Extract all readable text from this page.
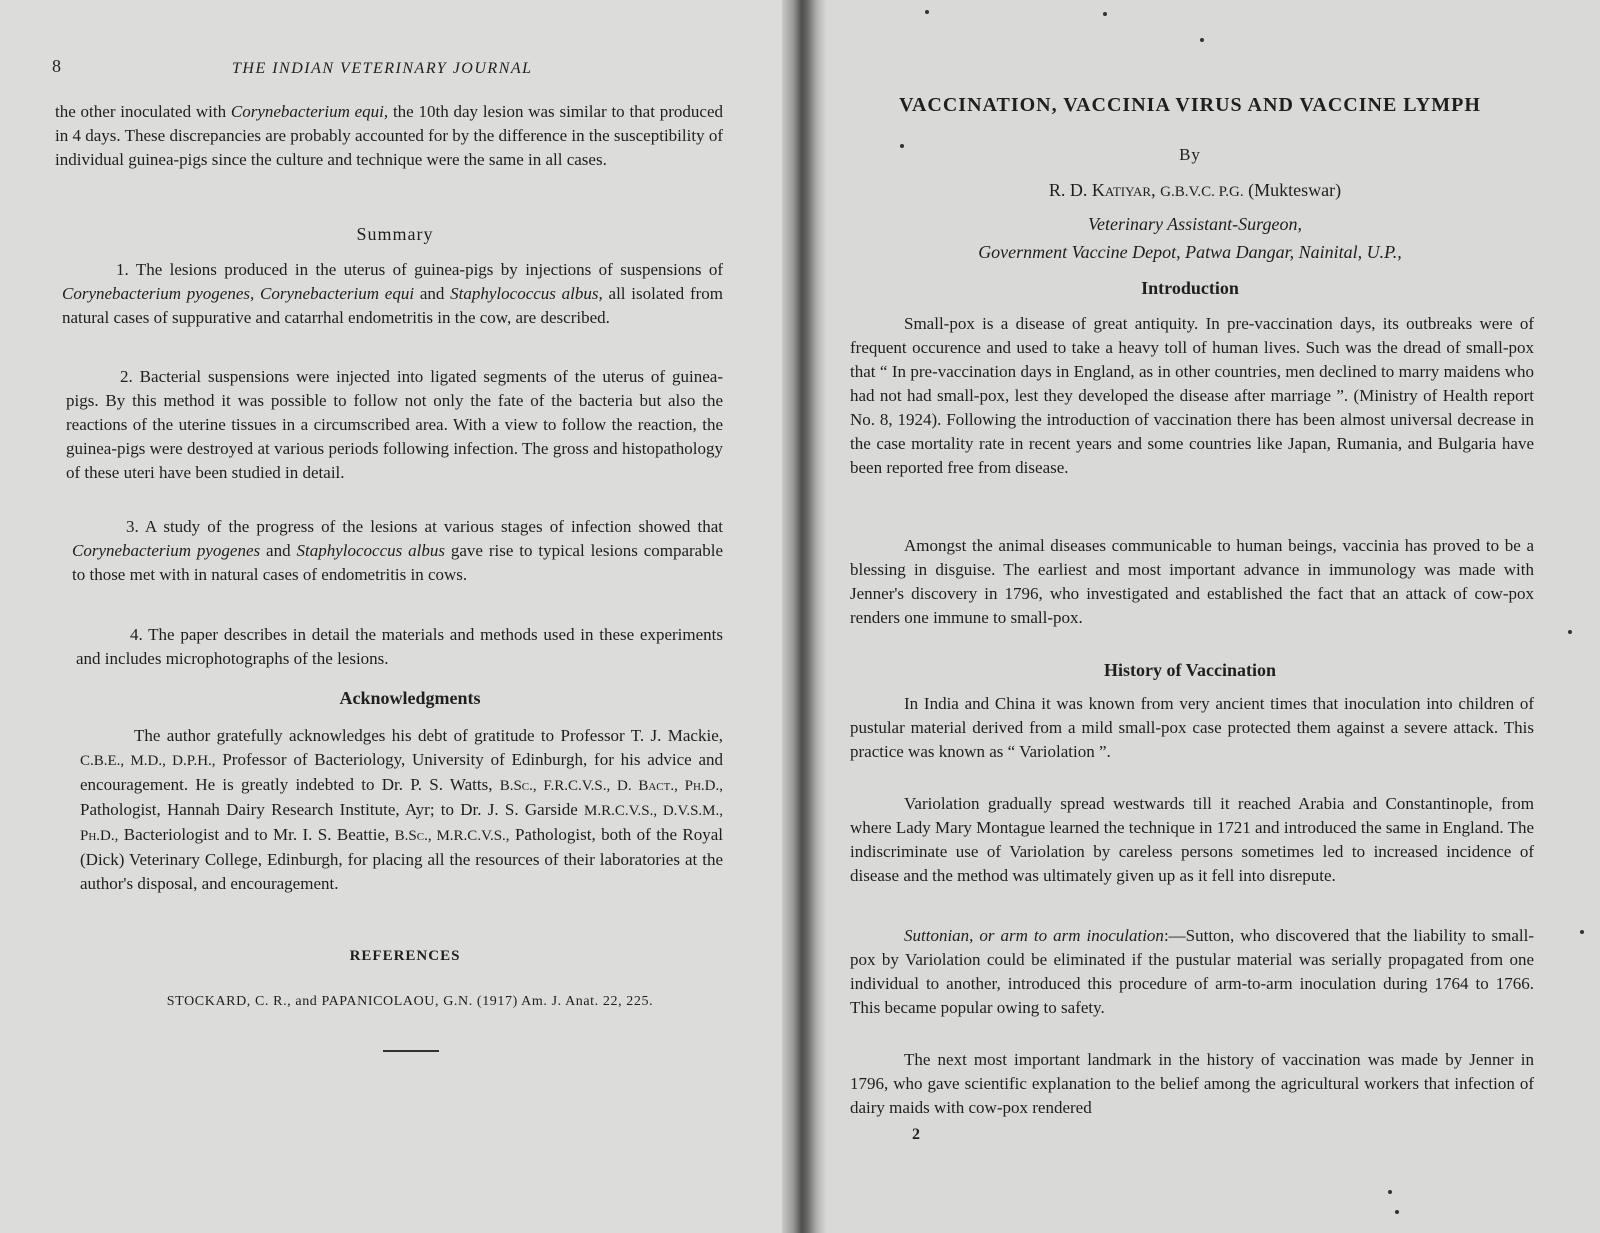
8	THE INDIAN VETERINARY JOURNAL

the other inoculated with Corynebacterium equi, the 10th day lesion was similar to that produced in 4 days. These discrepancies are probably accounted for by the difference in the susceptibility of individual guinea-pigs since the culture and technique were the same in all cases.

Summary

1. The lesions produced in the uterus of guinea-pigs by injections of suspensions of Corynebacterium pyogenes, Corynebacterium equi and Staphylococcus albus, all isolated from natural cases of suppurative and catarrhal endometritis in the cow, are described.

2. Bacterial suspensions were injected into ligated segments of the uterus of guinea-pigs. By this method it was possible to follow not only the fate of the bacteria but also the reactions of the uterine tissues in a circumscribed area. With a view to follow the reaction, the guinea-pigs were destroyed at various periods following infection. The gross and histopathology of these uteri have been studied in detail.

3. A study of the progress of the lesions at various stages of infection showed that Corynebacterium pyogenes and Staphylococcus albus gave rise to typical lesions comparable to those met with in natural cases of endometritis in cows.

4. The paper describes in detail the materials and methods used in these experiments and includes microphotographs of the lesions.

Acknowledgments

The author gratefully acknowledges his debt of gratitude to Professor T. J. Mackie, C.B.E., M.D., D.P.H., Professor of Bacteriology, University of Edinburgh, for his advice and encouragement. He is greatly indebted to Dr. P. S. Watts, B.Sc., F.R.C.V.S., D. Bact., Ph.D., Pathologist, Hannah Dairy Research Institute, Ayr; to Dr. J. S. Garside M.R.C.V.S., D.V.S.M., Ph.D., Bacteriologist and to Mr. I. S. Beattie, B.Sc., M.R.C.V.S., Pathologist, both of the Royal (Dick) Veterinary College, Edinburgh, for placing all the resources of their laboratories at the author's disposal, and encouragement.

REFERENCES
STOCKARD, C. R., and PAPANICOLAOU, G.N. (1917) Am. J. Anat. 22, 225.
VACCINATION, VACCINIA VIRUS AND VACCINE LYMPH
By
R. D. Katiyar, G.B.V.C. P.G. (Mukteswar)
Veterinary Assistant-Surgeon,
Government Vaccine Depot, Patwa Dangar, Nainital, U.P.,
Introduction

Small-pox is a disease of great antiquity. In pre-vaccination days, its outbreaks were of frequent occurence and used to take a heavy toll of human lives. Such was the dread of small-pox that “ In pre-vaccination days in England, as in other countries, men declined to marry maidens who had not had small-pox, lest they developed the disease after marriage ”. (Ministry of Health report No. 8, 1924). Following the introduction of vaccination there has been almost universal decrease in the case mortality rate in recent years and some countries like Japan, Rumania, and Bulgaria have been reported free from disease.

Amongst the animal diseases communicable to human beings, vaccinia has proved to be a blessing in disguise. The earliest and most important advance in immunology was made with Jenner's discovery in 1796, who investigated and established the fact that an attack of cow-pox renders one immune to small-pox.

History of Vaccination

In India and China it was known from very ancient times that inoculation into children of pustular material derived from a mild small-pox case protected them against a severe attack. This practice was known as “ Variolation ”.

Variolation gradually spread westwards till it reached Arabia and Constantinople, from where Lady Mary Montague learned the technique in 1721 and introduced the same in England. The indiscriminate use of Variolation by careless persons sometimes led to increased incidence of disease and the method was ultimately given up as it fell into disrepute.

Suttonian, or arm to arm inoculation:—Sutton, who discovered that the liability to small-pox by Variolation could be eliminated if the pustular material was serially propagated from one individual to another, introduced this procedure of arm-to-arm inoculation during 1764 to 1766. This became popular owing to safety.

The next most important landmark in the history of vaccination was made by Jenner in 1796, who gave scientific explanation to the belief among the agricultural workers that infection of dairy maids with cow-pox rendered

2
